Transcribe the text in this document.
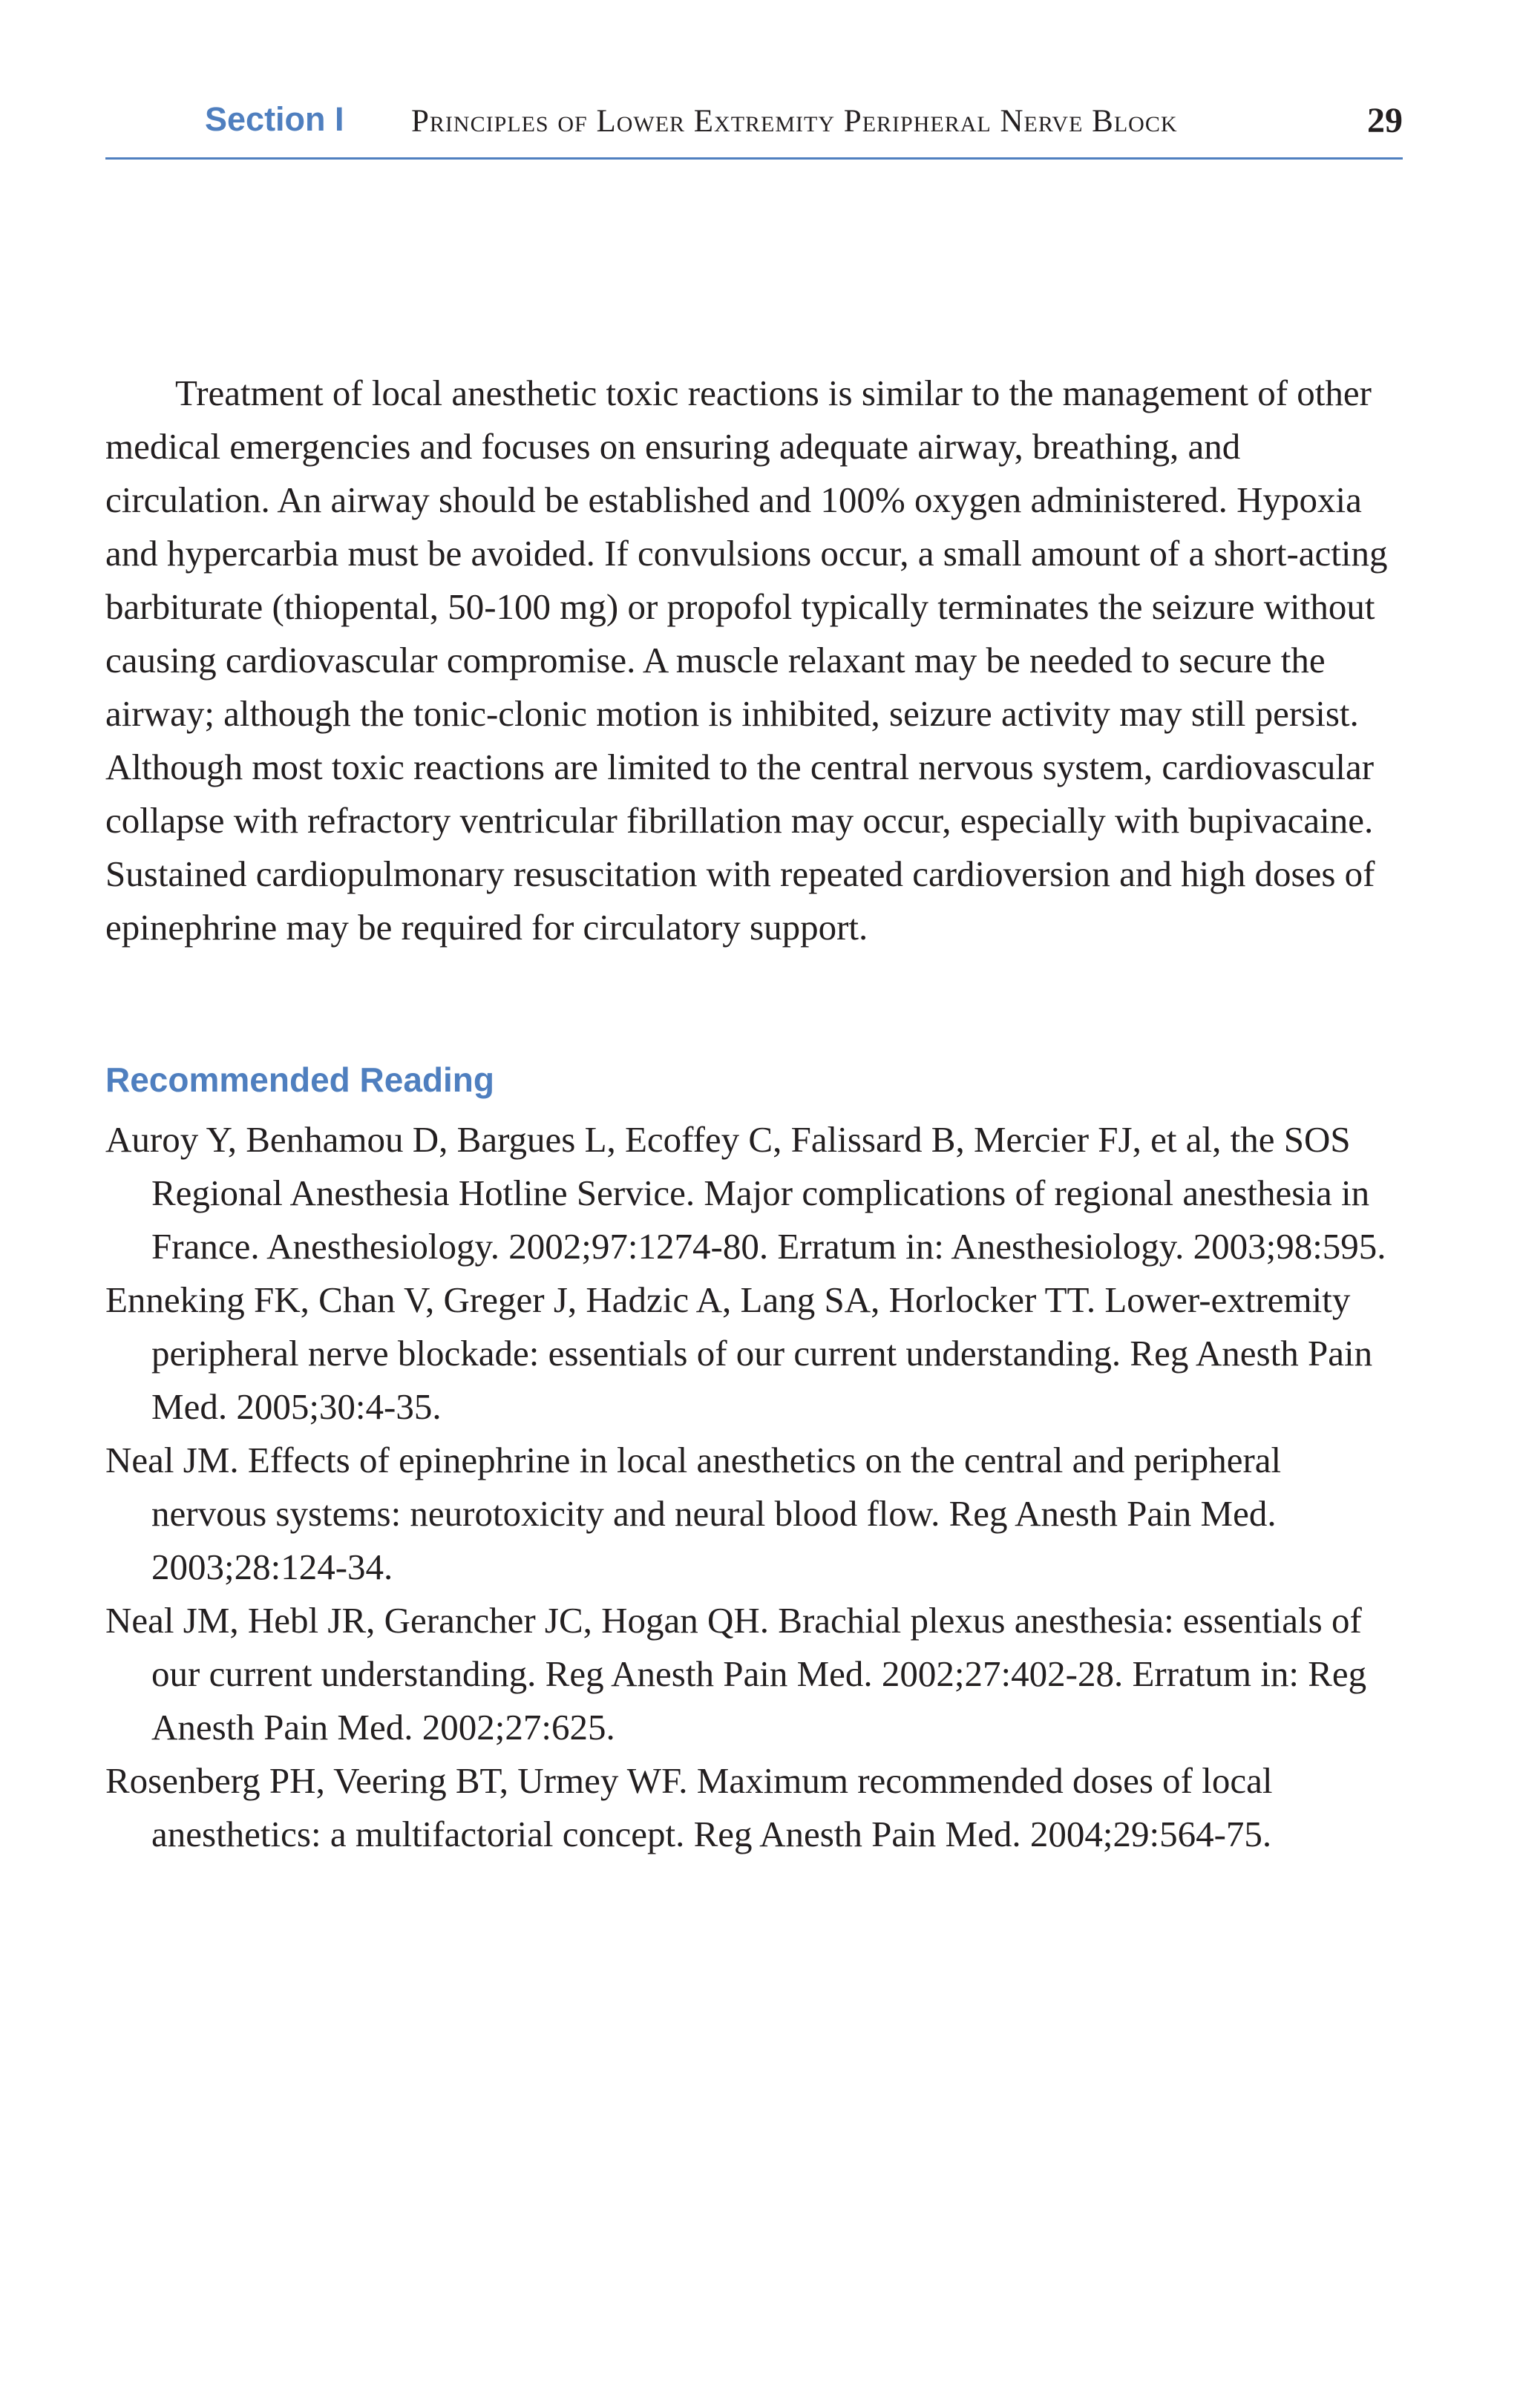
Section I Principles of Lower Extremity Peripheral Nerve Block	29

Treatment of local anesthetic toxic reactions is similar to the management of other medical emergencies and focuses on ensuring adequate airway, breathing, and circulation. An airway should be established and 100% oxygen administered. Hypoxia and hypercarbia must be avoided. If convulsions occur, a small amount of a short-acting barbiturate (thiopental, 50-100 mg) or propofol typically terminates the seizure without causing cardiovascular compromise. A muscle relaxant may be needed to secure the airway; although the tonic-clonic motion is inhibited, seizure activity may still persist. Although most toxic reactions are limited to the central nervous system, cardiovascular collapse with refractory ventricular fibrillation may occur, especially with bupivacaine. Sustained cardiopulmonary resuscitation with repeated cardioversion and high doses of epinephrine may be required for circulatory support.

Recommended Reading
Auroy Y, Benhamou D, Bargues L, Ecoffey C, Falissard B, Mercier FJ, et al, the SOS Regional Anesthesia Hotline Service. Major complications of regional anesthesia in France. Anesthesiology. 2002;97:1274-80. Erratum in: Anesthesiology. 2003;98:595.
Enneking FK, Chan V, Greger J, Hadzic A, Lang SA, Horlocker TT. Lower-extremity peripheral nerve blockade: essentials of our current understanding. Reg Anesth Pain Med. 2005;30:4-35.
Neal JM. Effects of epinephrine in local anesthetics on the central and peripheral nervous systems: neurotoxicity and neural blood flow. Reg Anesth Pain Med. 2003;28:124-34.
Neal JM, Hebl JR, Gerancher JC, Hogan QH. Brachial plexus anesthesia: essentials of our current understanding. Reg Anesth Pain Med. 2002;27:402-28. Erratum in: Reg Anesth Pain Med. 2002;27:625.
Rosenberg PH, Veering BT, Urmey WF. Maximum recommended doses of local anesthetics: a multifactorial concept. Reg Anesth Pain Med. 2004;29:564-75.
